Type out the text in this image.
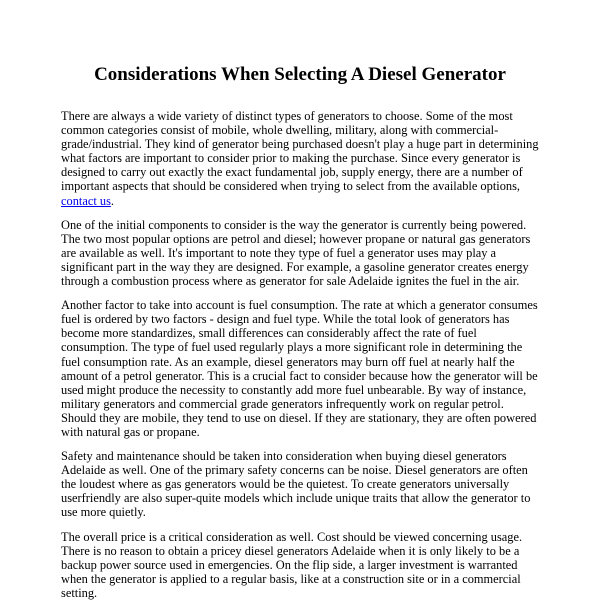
Considerations When Selecting A Diesel Generator

There are always a wide variety of distinct types of generators to choose. Some of the most common categories consist of mobile, whole dwelling, military, along with commercial-grade/industrial. They kind of generator being purchased doesn't play a huge part in determining what factors are important to consider prior to making the purchase. Since every generator is designed to carry out exactly the exact fundamental job, supply energy, there are a number of important aspects that should be considered when trying to select from the available options, contact us.

One of the initial components to consider is the way the generator is currently being powered. The two most popular options are petrol and diesel; however propane or natural gas generators are available as well. It's important to note they type of fuel a generator uses may play a significant part in the way they are designed. For example, a gasoline generator creates energy through a combustion process where as generator for sale Adelaide ignites the fuel in the air.

Another factor to take into account is fuel consumption. The rate at which a generator consumes fuel is ordered by two factors - design and fuel type. While the total look of generators has become more standardizes, small differences can considerably affect the rate of fuel consumption. The type of fuel used regularly plays a more significant role in determining the fuel consumption rate. As an example, diesel generators may burn off fuel at nearly half the amount of a petrol generator. This is a crucial fact to consider because how the generator will be used might produce the necessity to constantly add more fuel unbearable. By way of instance, military generators and commercial grade generators infrequently work on regular petrol. Should they are mobile, they tend to use on diesel. If they are stationary, they are often powered with natural gas or propane.

Safety and maintenance should be taken into consideration when buying diesel generators Adelaide as well. One of the primary safety concerns can be noise. Diesel generators are often the loudest where as gas generators would be the quietest. To create generators universally userfriendly are also super-quite models which include unique traits that allow the generator to use more quietly.

The overall price is a critical consideration as well. Cost should be viewed concerning usage. There is no reason to obtain a pricey diesel generators Adelaide when it is only likely to be a backup power source used in emergencies. On the flip side, a larger investment is warranted when the generator is applied to a regular basis, like at a construction site or in a commercial setting.
